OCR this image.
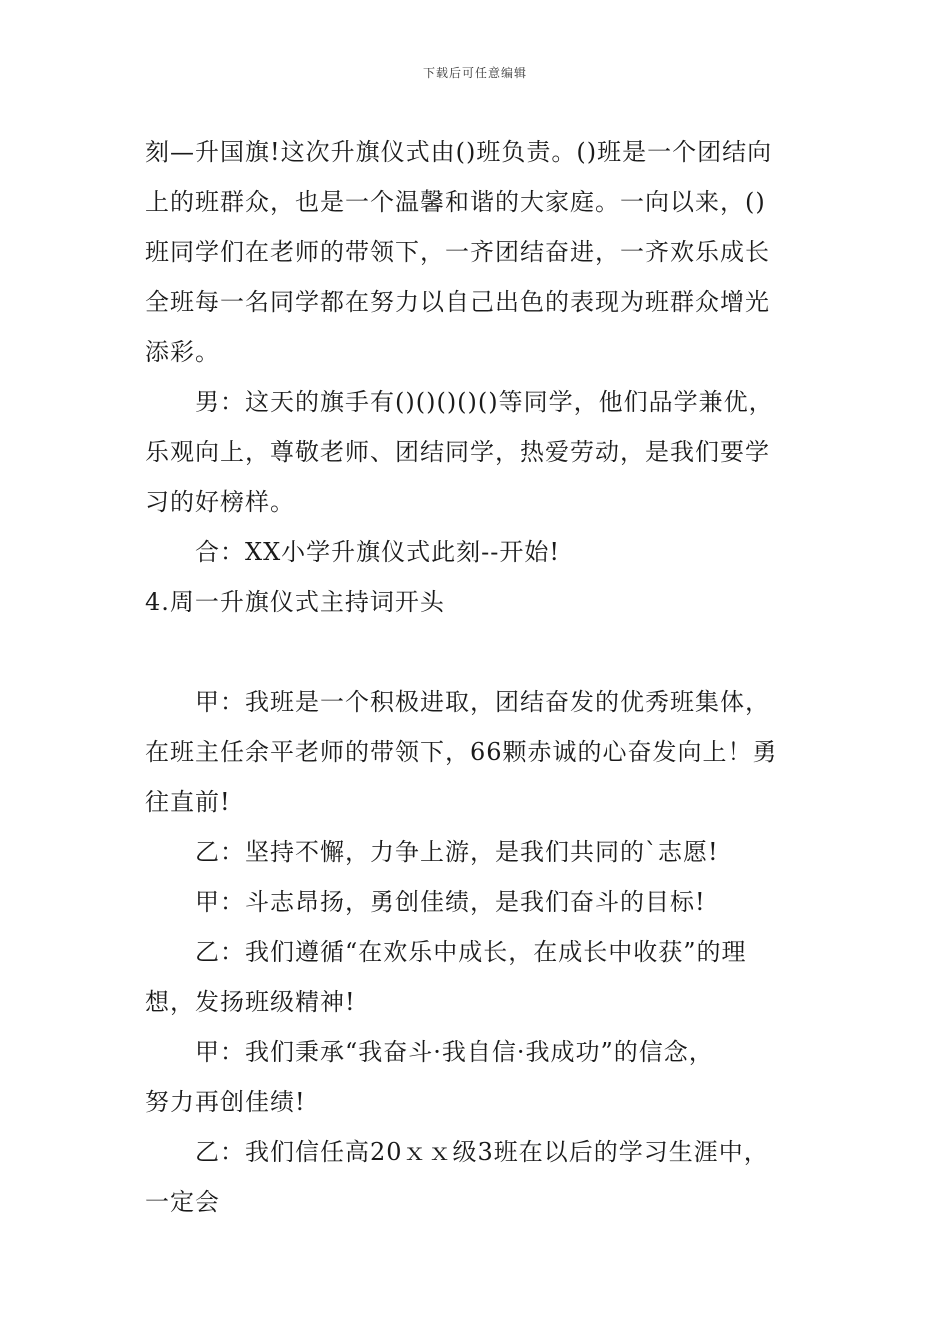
下载后可任意编辑
刻—升国旗!这次升旗仪式由()班负责。()班是一个团结向
上的班群众，也是一个温馨和谐的大家庭。一向以来，()
班同学们在老师的带领下，一齐团结奋进，一齐欢乐成长
全班每一名同学都在努力以自己出色的表现为班群众增光
添彩。
男：这天的旗手有()()()()()等同学，他们品学兼优，
乐观向上，尊敬老师、团结同学，热爱劳动，是我们要学
习的好榜样。
合：XX小学升旗仪式此刻--开始!
4.周一升旗仪式主持词开头
甲：我班是一个积极进取，团结奋发的优秀班集体，
在班主任余平老师的带领下，66颗赤诚的心奋发向上！勇
往直前!
乙：坚持不懈，力争上游，是我们共同的`志愿!
甲：斗志昂扬，勇创佳绩，是我们奋斗的目标!
乙：我们遵循“在欢乐中成长，在成长中收获”的理
想，发扬班级精神!
甲：我们秉承“我奋斗·我自信·我成功”的信念，
努力再创佳绩!
乙：我们信任高20ｘｘ级3班在以后的学习生涯中，
一定会
